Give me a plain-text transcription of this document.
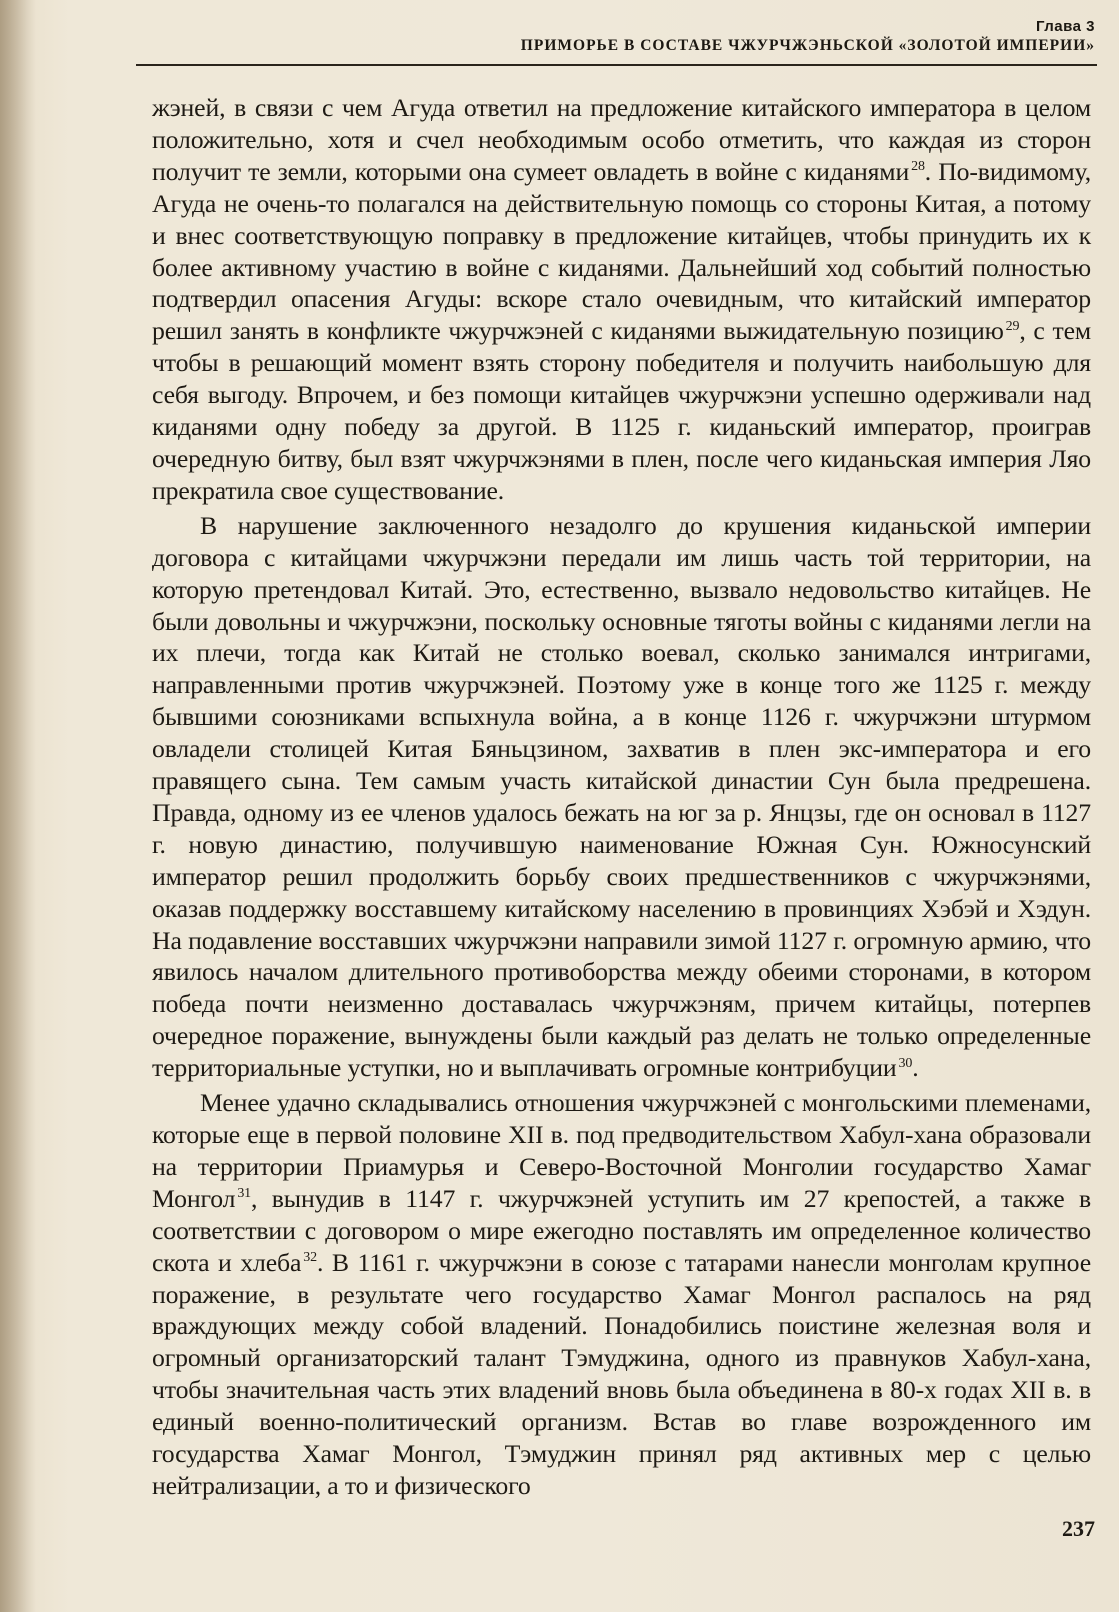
Глава 3
ПРИМОРЬЕ В СОСТАВЕ ЧЖУРЧЖЭНЬСКОЙ «ЗОЛОТОЙ ИМПЕРИИ»

жэней, в связи с чем Агуда ответил на предложение китайского императора в целом положительно, хотя и счел необходимым особо отметить, что каждая из сторон получит те земли, которыми она сумеет овладеть в войне с киданями $^{28}$. По-видимому, Агуда не очень-то полагался на действительную помощь со стороны Китая, а потому и внес соответствующую поправку в предложение китайцев, чтобы принудить их к более активному участию в войне с киданями. Дальнейший ход событий полностью подтвердил опасения Агуды: вскоре стало очевидным, что китайский император решил занять в конфликте чжурчжэней с киданями выжидательную позицию $^{29}$, с тем чтобы в решающий момент взять сторону победителя и получить наибольшую для себя выгоду. Впрочем, и без помощи китайцев чжурчжэни успешно одерживали над киданями одну победу за другой. В 1125 г. киданьский император, проиграв очередную битву, был взят чжурчжэнями в плен, после чего киданьская империя Ляо прекратила свое существование.

В нарушение заключенного незадолго до крушения киданьской империи договора с китайцами чжурчжэни передали им лишь часть той территории, на которую претендовал Китай. Это, естественно, вызвало недовольство китайцев. Не были довольны и чжурчжэни, поскольку основные тяготы войны с киданями легли на их плечи, тогда как Китай не столько воевал, сколько занимался интригами, направленными против чжурчжэней. Поэтому уже в конце того же 1125 г. между бывшими союзниками вспыхнула война, а в конце 1126 г. чжурчжэни штурмом овладели столицей Китая Бяньцзином, захватив в плен экс-императора и его правящего сына. Тем самым участь китайской династии Сун была предрешена. Правда, одному из ее членов удалось бежать на юг за р. Янцзы, где он основал в 1127 г. новую династию, получившую наименование Южная Сун. Южносунский император решил продолжить борьбу своих предшественников с чжурчжэнями, оказав поддержку восставшему китайскому населению в провинциях Хэбэй и Хэдун. На подавление восставших чжурчжэни направили зимой 1127 г. огромную армию, что явилось началом длительного противоборства между обеими сторонами, в котором победа почти неизменно доставалась чжурчжэням, причем китайцы, потерпев очередное поражение, вынуждены были каждый раз делать не только определенные территориальные уступки, но и выплачивать огромные контрибуции $^{30}$.

Менее удачно складывались отношения чжурчжэней с монгольскими племенами, которые еще в первой половине XII в. под предводительством Хабул-хана образовали на территории Приамурья и Северо-Восточной Монголии государство Хамаг Монгол $^{31}$, вынудив в 1147 г. чжурчжэней уступить им 27 крепостей, а также в соответствии с договором о мире ежегодно поставлять им определенное количество скота и хлеба $^{32}$. В 1161 г. чжурчжэни в союзе с татарами нанесли монголам крупное поражение, в результате чего государство Хамаг Монгол распалось на ряд враждующих между собой владений. Понадобились поистине железная воля и огромный организаторский талант Тэмуджина, одного из правнуков Хабул-хана, чтобы значительная часть этих владений вновь была объединена в 80-х годах XII в. в единый военно-политический организм. Встав во главе возрожденного им государства Хамаг Монгол, Тэмуджин принял ряд активных мер с целью нейтрализации, а то и физического

237
